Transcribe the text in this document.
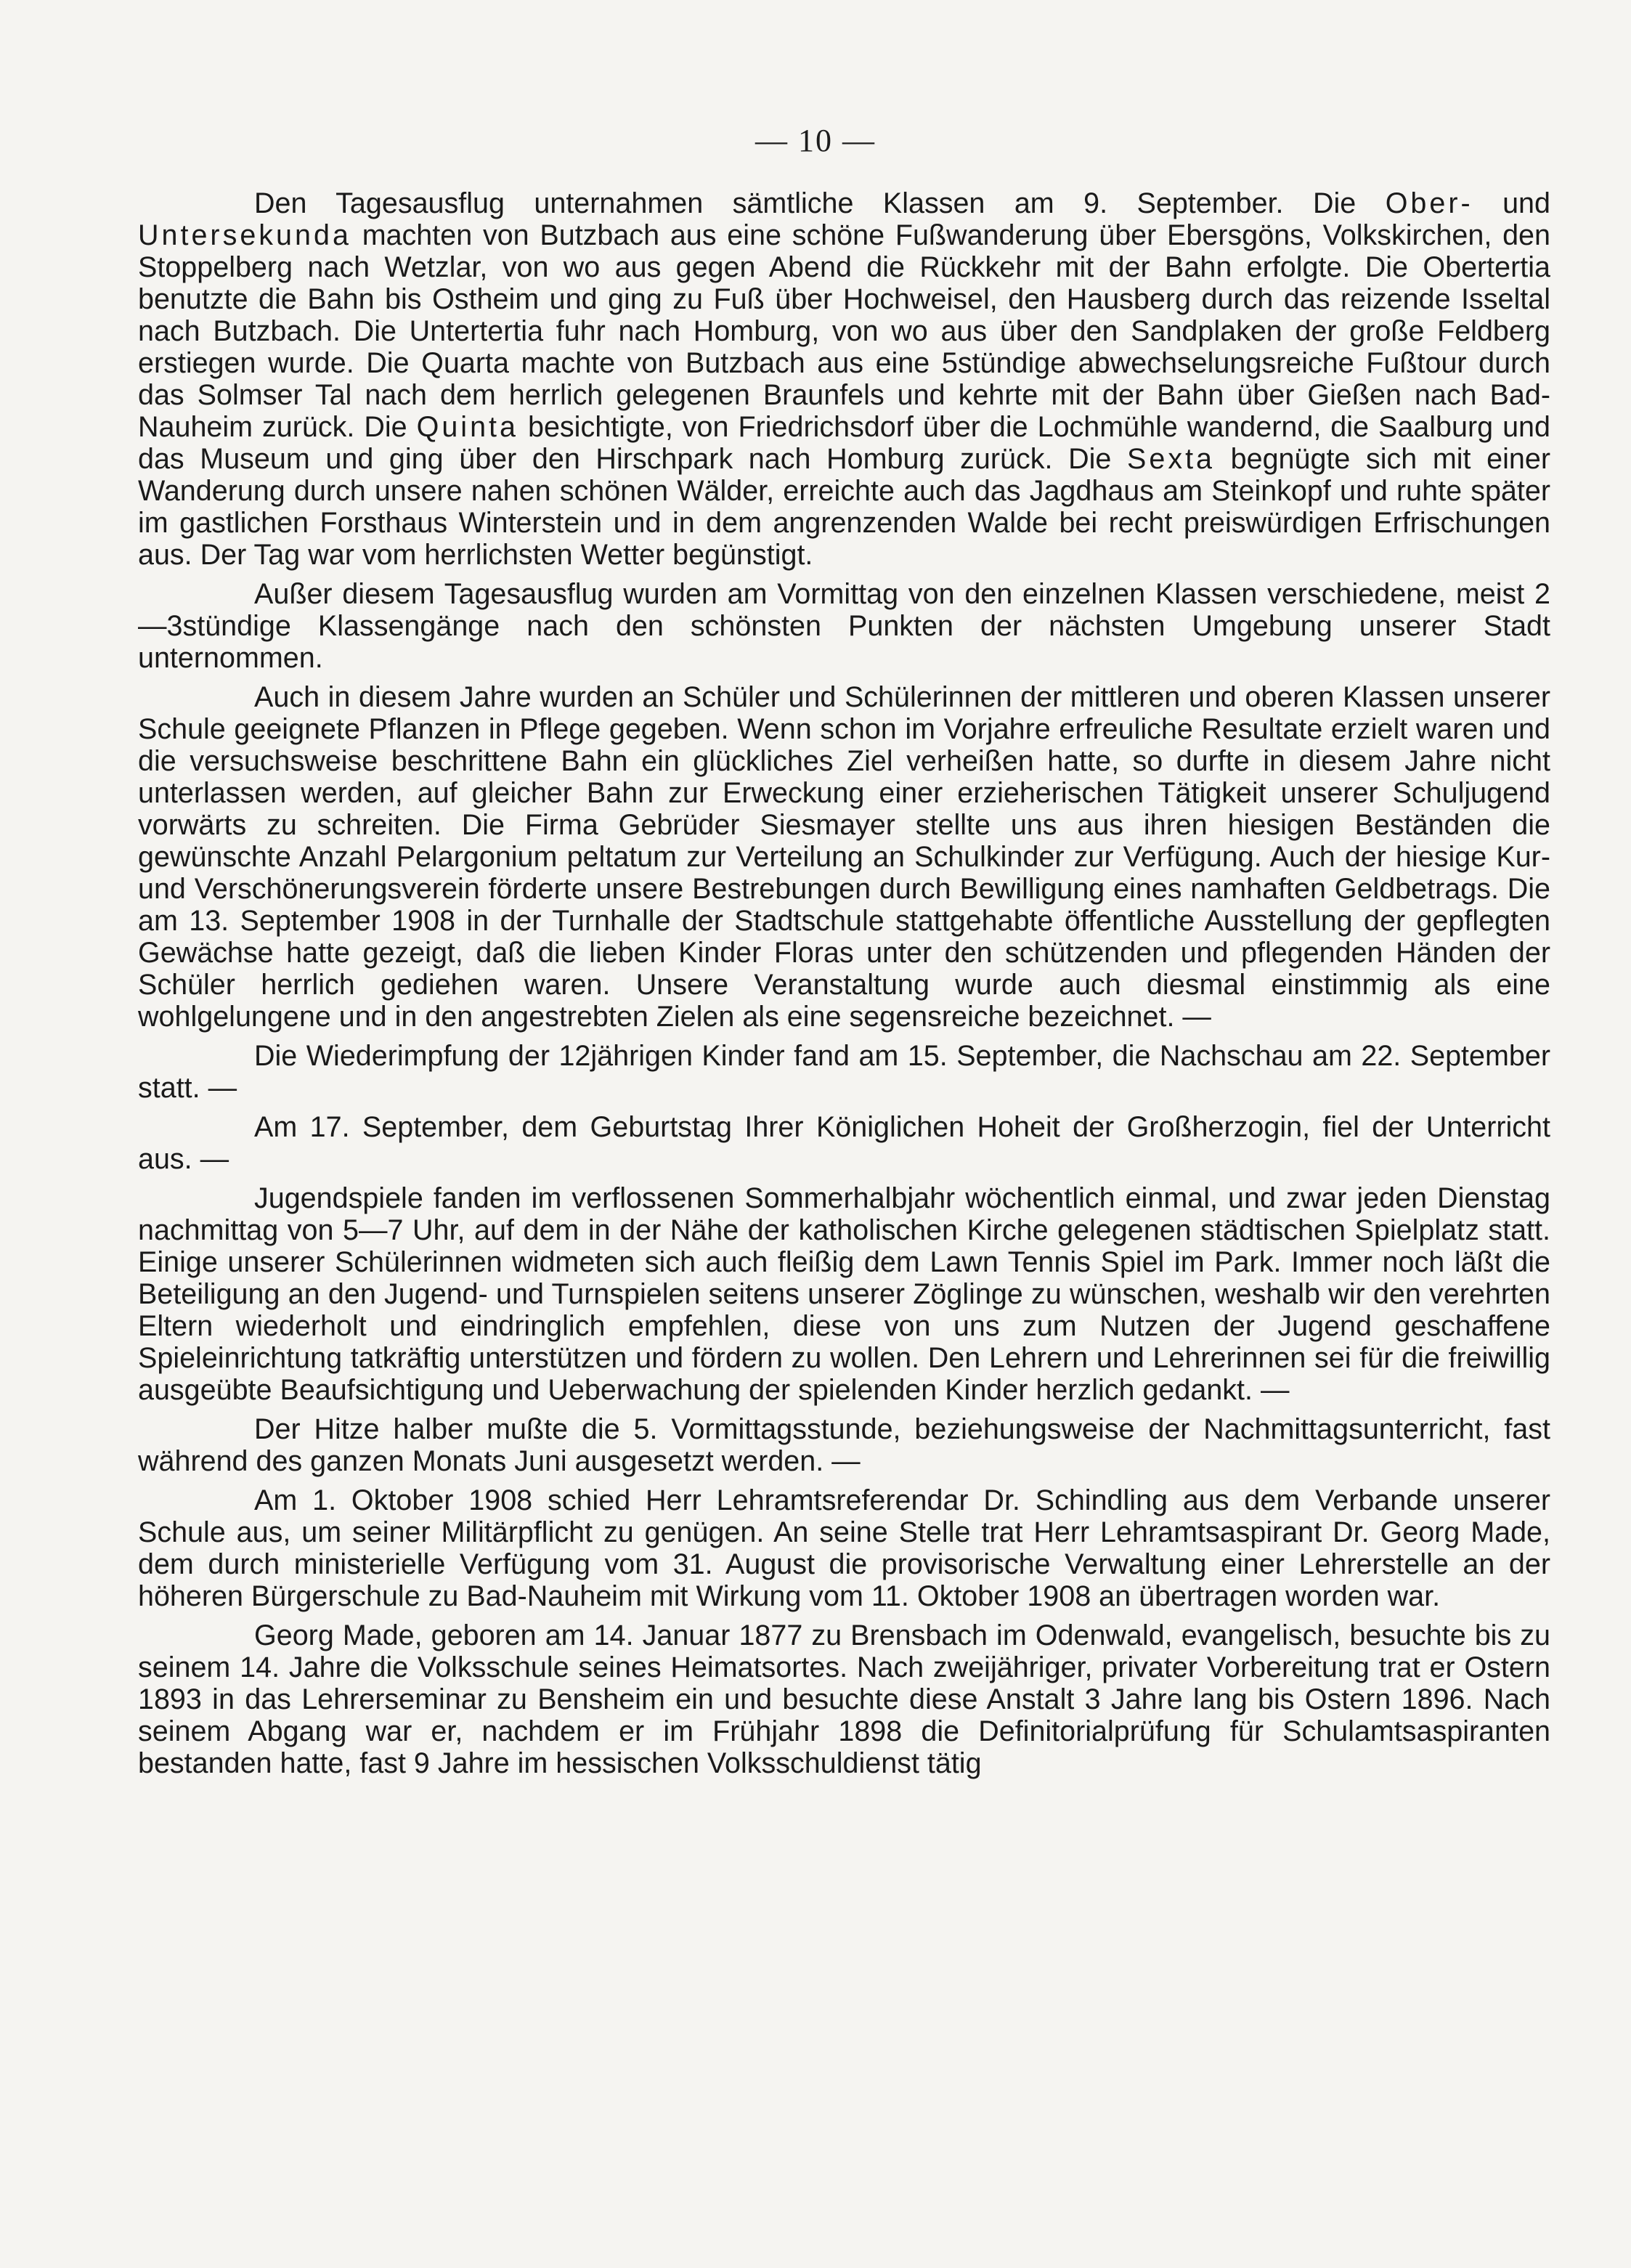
— 10 —

Den Tagesausflug unternahmen sämtliche Klassen am 9. September. Die Ober- und Untersekunda machten von Butzbach aus eine schöne Fußwanderung über Ebersgöns, Volkskirchen, den Stoppelberg nach Wetzlar, von wo aus gegen Abend die Rückkehr mit der Bahn erfolgte. Die Obertertia benutzte die Bahn bis Ostheim und ging zu Fuß über Hochweisel, den Hausberg durch das reizende Isseltal nach Butzbach. Die Untertertia fuhr nach Homburg, von wo aus über den Sandplaken der große Feldberg erstiegen wurde. Die Quarta machte von Butzbach aus eine 5stündige abwechselungsreiche Fußtour durch das Solmser Tal nach dem herrlich gelegenen Braunfels und kehrte mit der Bahn über Gießen nach Bad-Nauheim zurück. Die Quinta besichtigte, von Friedrichsdorf über die Lochmühle wandernd, die Saalburg und das Museum und ging über den Hirschpark nach Homburg zurück. Die Sexta begnügte sich mit einer Wanderung durch unsere nahen schönen Wälder, erreichte auch das Jagdhaus am Steinkopf und ruhte später im gastlichen Forsthaus Winterstein und in dem angrenzenden Walde bei recht preiswürdigen Erfrischungen aus. Der Tag war vom herrlichsten Wetter begünstigt.

Außer diesem Tagesausflug wurden am Vormittag von den einzelnen Klassen verschiedene, meist 2—3stündige Klassengänge nach den schönsten Punkten der nächsten Umgebung unserer Stadt unternommen.

Auch in diesem Jahre wurden an Schüler und Schülerinnen der mittleren und oberen Klassen unserer Schule geeignete Pflanzen in Pflege gegeben. Wenn schon im Vorjahre erfreuliche Resultate erzielt waren und die versuchsweise beschrittene Bahn ein glückliches Ziel verheißen hatte, so durfte in diesem Jahre nicht unterlassen werden, auf gleicher Bahn zur Erweckung einer erzieherischen Tätigkeit unserer Schuljugend vorwärts zu schreiten. Die Firma Gebrüder Siesmayer stellte uns aus ihren hiesigen Beständen die gewünschte Anzahl Pelargonium peltatum zur Verteilung an Schulkinder zur Verfügung. Auch der hiesige Kur- und Verschönerungsverein förderte unsere Bestrebungen durch Bewilligung eines namhaften Geldbetrags. Die am 13. September 1908 in der Turnhalle der Stadtschule stattgehabte öffentliche Ausstellung der gepflegten Gewächse hatte gezeigt, daß die lieben Kinder Floras unter den schützenden und pflegenden Händen der Schüler herrlich gediehen waren. Unsere Veranstaltung wurde auch diesmal einstimmig als eine wohlgelungene und in den angestrebten Zielen als eine segensreiche bezeichnet. —

Die Wiederimpfung der 12jährigen Kinder fand am 15. September, die Nachschau am 22. September statt. —

Am 17. September, dem Geburtstag Ihrer Königlichen Hoheit der Großherzogin, fiel der Unterricht aus. —

Jugendspiele fanden im verflossenen Sommerhalbjahr wöchentlich einmal, und zwar jeden Dienstag nachmittag von 5—7 Uhr, auf dem in der Nähe der katholischen Kirche gelegenen städtischen Spielplatz statt. Einige unserer Schülerinnen widmeten sich auch fleißig dem Lawn Tennis Spiel im Park. Immer noch läßt die Beteiligung an den Jugend- und Turnspielen seitens unserer Zöglinge zu wünschen, weshalb wir den verehrten Eltern wiederholt und eindringlich empfehlen, diese von uns zum Nutzen der Jugend geschaffene Spieleinrichtung tatkräftig unterstützen und fördern zu wollen. Den Lehrern und Lehrerinnen sei für die freiwillig ausgeübte Beaufsichtigung und Ueberwachung der spielenden Kinder herzlich gedankt. —

Der Hitze halber mußte die 5. Vormittagsstunde, beziehungsweise der Nachmittagsunterricht, fast während des ganzen Monats Juni ausgesetzt werden. —

Am 1. Oktober 1908 schied Herr Lehramtsreferendar Dr. Schindling aus dem Verbande unserer Schule aus, um seiner Militärpflicht zu genügen. An seine Stelle trat Herr Lehramtsaspirant Dr. Georg Made, dem durch ministerielle Verfügung vom 31. August die provisorische Verwaltung einer Lehrerstelle an der höheren Bürgerschule zu Bad-Nauheim mit Wirkung vom 11. Oktober 1908 an übertragen worden war.

Georg Made, geboren am 14. Januar 1877 zu Brensbach im Odenwald, evangelisch, besuchte bis zu seinem 14. Jahre die Volksschule seines Heimatsortes. Nach zweijähriger, privater Vorbereitung trat er Ostern 1893 in das Lehrerseminar zu Bensheim ein und besuchte diese Anstalt 3 Jahre lang bis Ostern 1896. Nach seinem Abgang war er, nachdem er im Frühjahr 1898 die Definitorialprüfung für Schulamtsaspiranten bestanden hatte, fast 9 Jahre im hessischen Volksschuldienst tätig
